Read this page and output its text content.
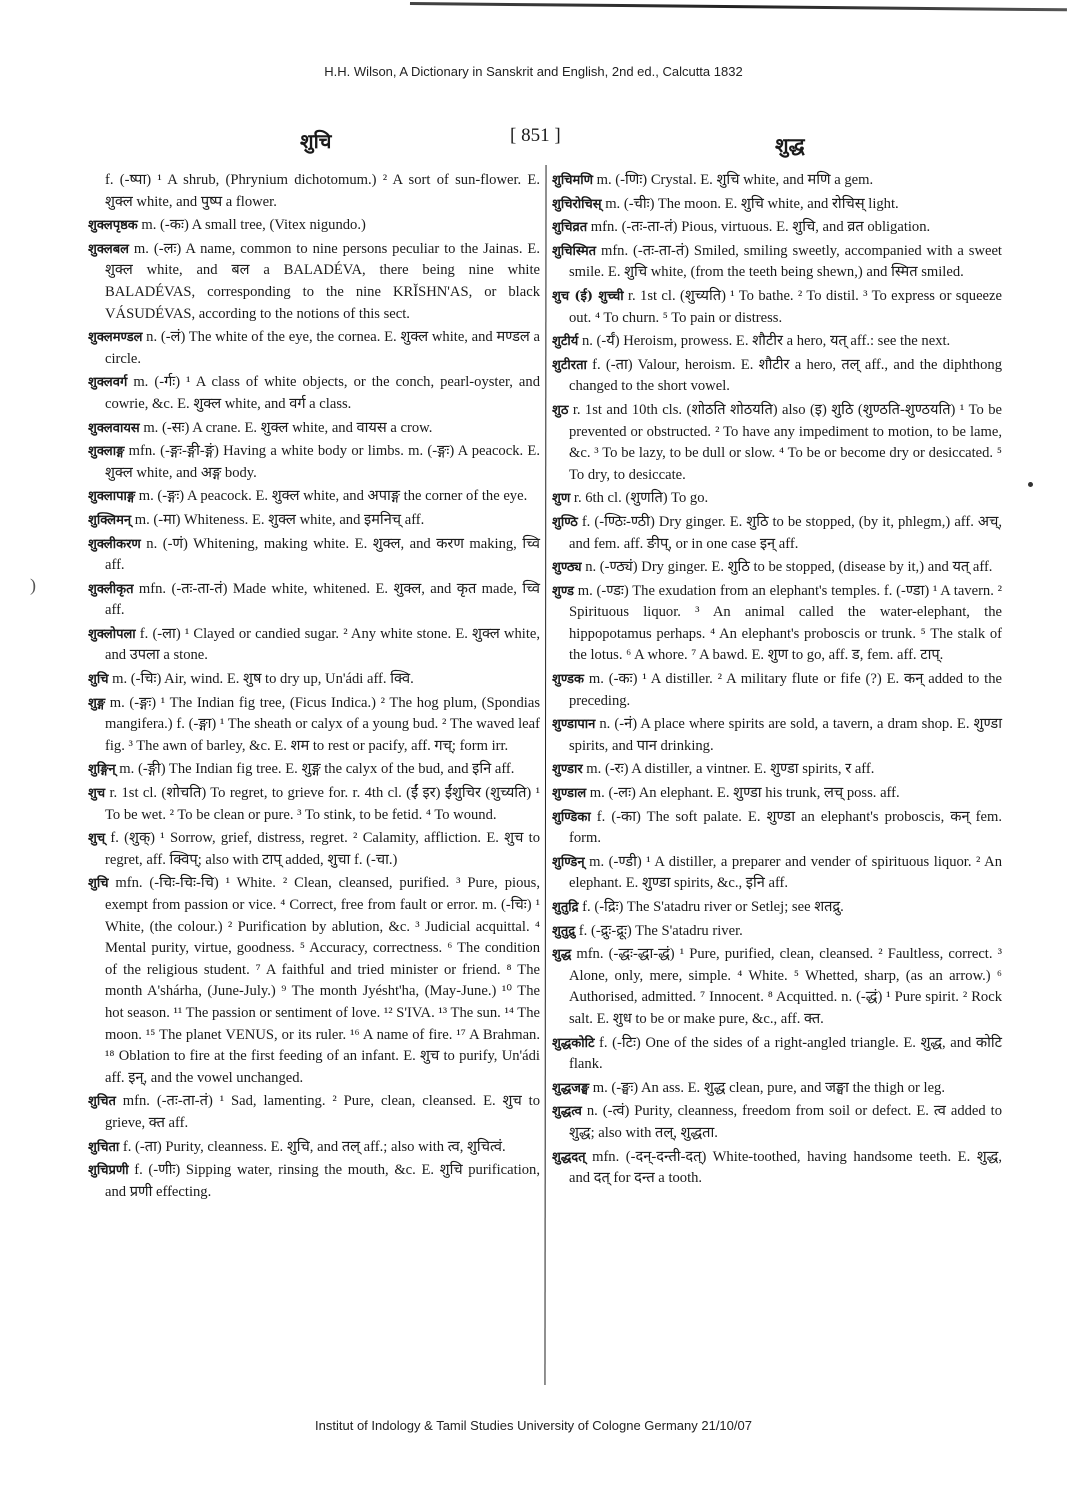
H.H. Wilson, A Dictionary in Sanskrit and English, 2nd ed., Calcutta 1832
शुचि	[ 851 ]	शुद्ध
)
f. (-ष्पा) ¹ A shrub, (Phrynium dichotomum.) ² A sort of sun-flower. E. शुक्ल white, and पुष्प a flower.
शुक्लपृष्ठक m. (-कः) A small tree, (Vitex nigundo.)
शुक्लबल m. (-लः) A name, common to nine persons peculiar to the Jainas. E. शुक्ल white, and बल a BALADÉVA, there being nine white BALADÉVAS, corresponding to the nine KRĬSHN'AS, or black VÁSUDÉVAS, according to the notions of this sect.
शुक्लमण्डल n. (-लं) The white of the eye, the cornea. E. शुक्ल white, and मण्डल a circle.
शुक्लवर्ग m. (-र्गः) ¹ A class of white objects, or the conch, pearl-oyster, and cowrie, &c. E. शुक्ल white, and वर्ग a class.
शुक्लवायस m. (-सः) A crane. E. शुक्ल white, and वायस a crow.
शुक्लाङ्ग mfn. (-ङ्गः-ङ्गी-ङ्गं) Having a white body or limbs. m. (-ङ्गः) A peacock. E. शुक्ल white, and अङ्ग body.
शुक्लापाङ्ग m. (-ङ्गः) A peacock. E. शुक्ल white, and अपाङ्ग the corner of the eye.
शुक्लिमन् m. (-मा) Whiteness. E. शुक्ल white, and इमनिच् aff.
शुक्लीकरण n. (-णं) Whitening, making white. E. शुक्ल, and करण making, च्वि aff.
शुक्लीकृत mfn. (-तः-ता-तं) Made white, whitened. E. शुक्ल, and कृत made, च्वि aff.
शुक्लोपला f. (-ला) ¹ Clayed or candied sugar. ² Any white stone. E. शुक्ल white, and उपला a stone.
शुचि m. (-चिः) Air, wind. E. शुष to dry up, Un'ádi aff. क्वि.
शुङ्ग m. (-ङ्गः) ¹ The Indian fig tree, (Ficus Indica.) ² The hog plum, (Spondias mangifera.) f. (-ङ्गा) ¹ The sheath or calyx of a young bud. ² The waved leaf fig. ³ The awn of barley, &c. E. शम to rest or pacify, aff. गच्; form irr.
शुङ्गिन् m. (-ङ्गी) The Indian fig tree. E. शुङ्ग the calyx of the bud, and इनि aff.
शुच r. 1st cl. (शोचति) To regret, to grieve for. r. 4th cl. (ईं इर) ईंशुचिर (शुच्यति) ¹ To be wet. ² To be clean or pure. ³ To stink, to be fetid. ⁴ To wound.
शुच् f. (शुक्) ¹ Sorrow, grief, distress, regret. ² Calamity, affliction. E. शुच to regret, aff. क्विप्; also with टाप् added, शुचा f. (-चा.)
शुचि mfn. (-चिः-चिः-चि) ¹ White. ² Clean, cleansed, purified. ³ Pure, pious, exempt from passion or vice. ⁴ Correct, free from fault or error. m. (-चिः) ¹ White, (the colour.) ² Purification by ablution, &c. ³ Judicial acquittal. ⁴ Mental purity, virtue, goodness. ⁵ Accuracy, correctness. ⁶ The condition of the religious student. ⁷ A faithful and tried minister or friend. ⁸ The month A'shárha, (June-July.) ⁹ The month Jyésht'ha, (May-June.) ¹⁰ The hot season. ¹¹ The passion or sentiment of love. ¹² S'IVA. ¹³ The sun. ¹⁴ The moon. ¹⁵ The planet VENUS, or its ruler. ¹⁶ A name of fire. ¹⁷ A Brahman. ¹⁸ Oblation to fire at the first feeding of an infant. E. शुच to purify, Un'ádi aff. इन्, and the vowel unchanged.
शुचित mfn. (-तः-ता-तं) ¹ Sad, lamenting. ² Pure, clean, cleansed. E. शुच to grieve, क्त aff.
शुचिता f. (-ता) Purity, cleanness. E. शुचि, and तल् aff.; also with त्व, शुचित्वं.
शुचिप्रणी f. (-णीः) Sipping water, rinsing the mouth, &c. E. शुचि purification, and प्रणी effecting.
शुचिमणि m. (-णिः) Crystal. E. शुचि white, and मणि a gem.
शुचिरोचिस् m. (-चीः) The moon. E. शुचि white, and रोचिस् light.
शुचिव्रत mfn. (-तः-ता-तं) Pious, virtuous. E. शुचि, and व्रत obligation.
शुचिस्मित mfn. (-तः-ता-तं) Smiled, smiling sweetly, accompanied with a sweet smile. E. शुचि white, (from the teeth being shewn,) and स्मित smiled.
शुच (ई) शुच्ची r. 1st cl. (शुच्यति) ¹ To bathe. ² To distil. ³ To express or squeeze out. ⁴ To churn. ⁵ To pain or distress.
शुटीर्य n. (-र्यं) Heroism, prowess. E. शौटीर a hero, यत् aff.: see the next.
शुटीरता f. (-ता) Valour, heroism. E. शौटीर a hero, तल् aff., and the diphthong changed to the short vowel.
शुठ r. 1st and 10th cls. (शोठति शोठयति) also (इ) शुठि (शुण्ठति-शुण्ठयति) ¹ To be prevented or obstructed. ² To have any impediment to motion, to be lame, &c. ³ To be lazy, to be dull or slow. ⁴ To be or become dry or desiccated. ⁵ To dry, to desiccate.
शुण r. 6th cl. (शुणति) To go.
शुण्ठि f. (-ण्ठिः-ण्ठी) Dry ginger. E. शुठि to be stopped, (by it, phlegm,) aff. अच्, and fem. aff. ङीप्, or in one case इन् aff.
शुण्ठ्य n. (-ण्ठ्यं) Dry ginger. E. शुठि to be stopped, (disease by it,) and यत् aff.
शुण्ड m. (-ण्डः) The exudation from an elephant's temples. f. (-ण्डा) ¹ A tavern. ² Spirituous liquor. ³ An animal called the water-elephant, the hippopotamus perhaps. ⁴ An elephant's proboscis or trunk. ⁵ The stalk of the lotus. ⁶ A whore. ⁷ A bawd. E. शुण to go, aff. ड, fem. aff. टाप्.
शुण्डक m. (-कः) ¹ A distiller. ² A military flute or fife (?) E. कन् added to the preceding.
शुण्डापान n. (-नं) A place where spirits are sold, a tavern, a dram shop. E. शुण्डा spirits, and पान drinking.
शुण्डार m. (-रः) A distiller, a vintner. E. शुण्डा spirits, र aff.
शुण्डाल m. (-लः) An elephant. E. शुण्डा his trunk, लच् poss. aff.
शुण्डिका f. (-का) The soft palate. E. शुण्डा an elephant's proboscis, कन् fem. form.
शुण्डिन् m. (-ण्डी) ¹ A distiller, a preparer and vender of spirituous liquor. ² An elephant. E. शुण्डा spirits, &c., इनि aff.
शुतुद्रि f. (-द्रिः) The S'atadru river or Setlej; see शतद्रु.
शुतुद्रु f. (-द्रुः-द्रूः) The S'atadru river.
शुद्ध mfn. (-द्धः-द्धा-द्धं) ¹ Pure, purified, clean, cleansed. ² Faultless, correct. ³ Alone, only, mere, simple. ⁴ White. ⁵ Whetted, sharp, (as an arrow.) ⁶ Authorised, admitted. ⁷ Innocent. ⁸ Acquitted. n. (-द्धं) ¹ Pure spirit. ² Rock salt. E. शुध to be or make pure, &c., aff. क्त.
शुद्धकोटि f. (-टिः) One of the sides of a right-angled triangle. E. शुद्ध, and कोटि flank.
शुद्धजङ्घ m. (-ङ्घः) An ass. E. शुद्ध clean, pure, and जङ्घा the thigh or leg.
शुद्धत्व n. (-त्वं) Purity, cleanness, freedom from soil or defect. E. त्व added to शुद्ध; also with तल्, शुद्धता.
शुद्धदत् mfn. (-दन्-दन्ती-दत्) White-toothed, having handsome teeth. E. शुद्ध, and दत् for दन्त a tooth.
Institut of Indology & Tamil Studies University of Cologne Germany 21/10/07
